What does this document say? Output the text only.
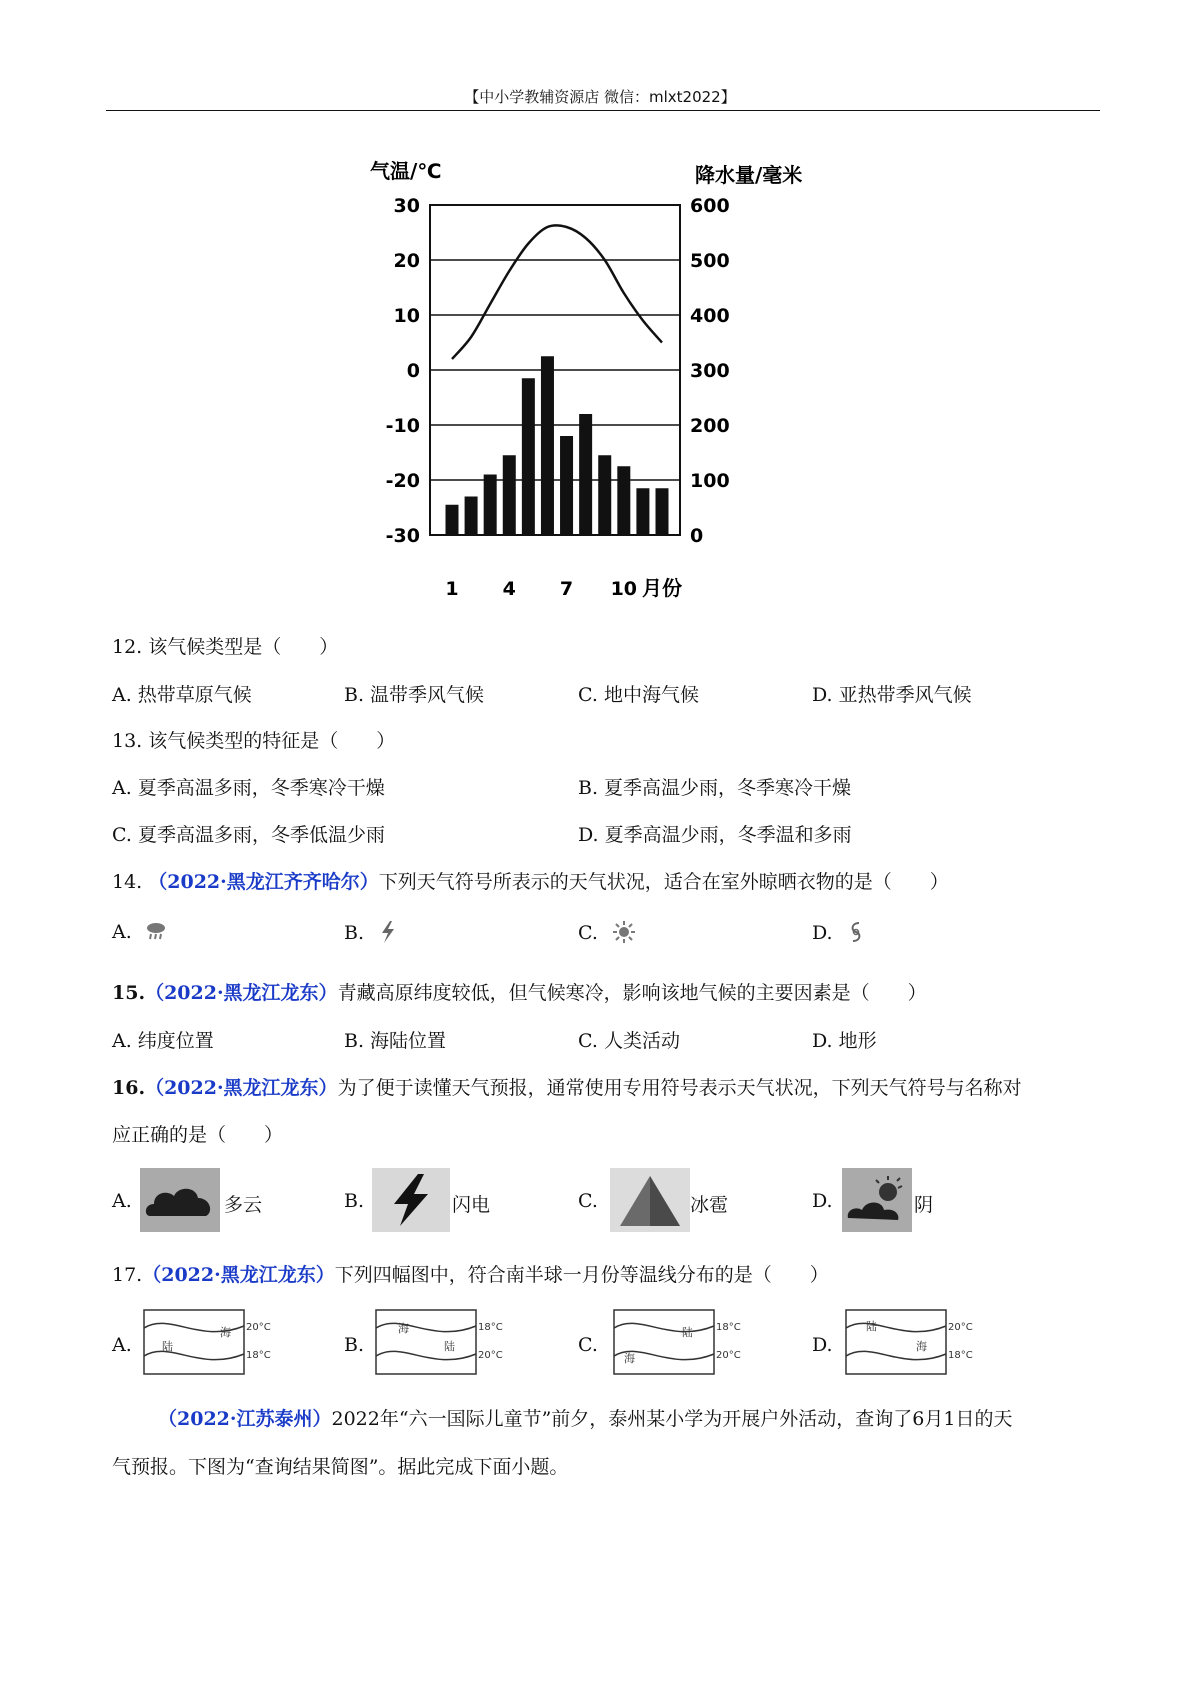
【中小学教辅资源店 微信：mlxt2022】
气温/℃	降水量/毫米
30
20
10
0
-10
-20
-30
600
500
400
300
200
100
0
1 4 7 10 月份
12. 该气候类型是（　　）
A. 热带草原气候	B. 温带季风气候	C. 地中海气候	D. 亚热带季风气候
13. 该气候类型的特征是（　　）
A. 夏季高温多雨，冬季寒冷干燥	B. 夏季高温少雨，冬季寒冷干燥
C. 夏季高温多雨，冬季低温少雨	D. 夏季高温少雨，冬季温和多雨
14. （2022·黑龙江齐齐哈尔）下列天气符号所表示的天气状况，适合在室外晾晒衣物的是（　　）
A.	B.	C.	D.
15.（2022·黑龙江龙东）青藏高原纬度较低，但气候寒冷，影响该地气候的主要因素是（　　）
A. 纬度位置	B. 海陆位置	C. 人类活动	D. 地形
16.（2022·黑龙江龙东）为了便于读懂天气预报，通常使用专用符号表示天气状况，下列天气符号与名称对
应正确的是（　　）
A.	多云	B.	闪电	C.	冰雹	D.	阴
17.（2022·黑龙江龙东）下列四幅图中，符合南半球一月份等温线分布的是（　　）
A.	B.	C.	D.
海
陆
20°C
18°C
海
陆
18°C
20°C
陆
海
18°C
20°C
陆
海
20°C
18°C
（2022·江苏泰州）2022年“六一国际儿童节”前夕，泰州某小学为开展户外活动，查询了6月1日的天
气预报。下图为“查询结果简图”。据此完成下面小题。
